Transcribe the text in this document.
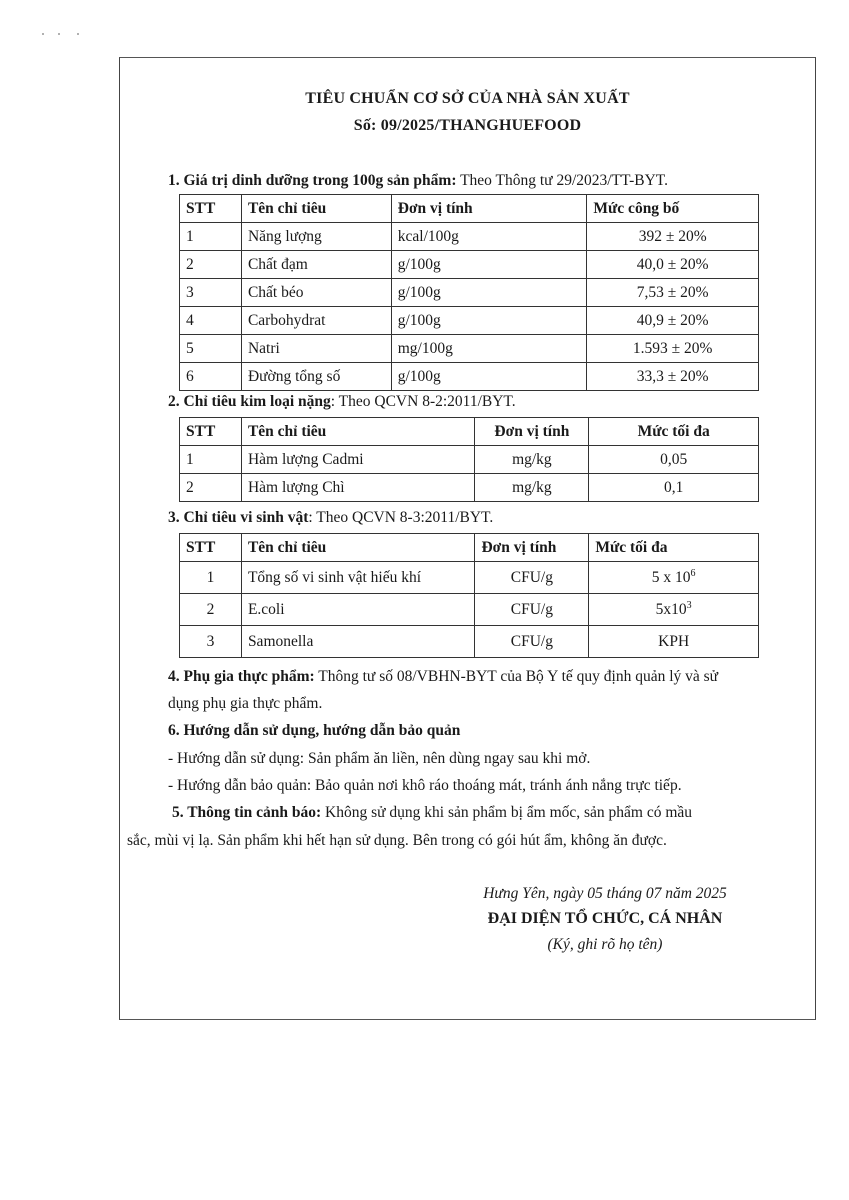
TIÊU CHUẨN CƠ SỞ CỦA NHÀ SẢN XUẤT
Số: 09/2025/THANGHUEFOOD
1. Giá trị dinh dưỡng trong 100g sản phẩm: Theo Thông tư 29/2023/TT-BYT.
STT	Tên chỉ tiêu	Đơn vị tính	Mức công bố
1	Năng lượng	kcal/100g	392 ± 20%
2	Chất đạm	g/100g	40,0 ± 20%
3	Chất béo	g/100g	7,53 ± 20%
4	Carbohydrat	g/100g	40,9 ± 20%
5	Natri	mg/100g	1.593 ± 20%
6	Đường tổng số	g/100g	33,3 ± 20%
2. Chỉ tiêu kim loại nặng: Theo QCVN 8-2:2011/BYT.
STT	Tên chỉ tiêu	Đơn vị tính	Mức tối đa
1	Hàm lượng Cadmi	mg/kg	0,05
2	Hàm lượng Chì	mg/kg	0,1
3. Chỉ tiêu vi sinh vật: Theo QCVN 8-3:2011/BYT.
STT	Tên chỉ tiêu	Đơn vị tính	Mức tối đa
1	Tổng số vi sinh vật hiếu khí	CFU/g	5 x $10^6$
2	E.coli	CFU/g	$5x10^3$
3	Samonella	CFU/g	KPH
4. Phụ gia thực phẩm: Thông tư số 08/VBHN-BYT của Bộ Y tế quy định quản lý và sử
dụng phụ gia thực phẩm.
6. Hướng dẫn sử dụng, hướng dẫn bảo quản
- Hướng dẫn sử dụng: Sản phẩm ăn liền, nên dùng ngay sau khi mở.
- Hướng dẫn bảo quản: Bảo quản nơi khô ráo thoáng mát, tránh ánh nắng trực tiếp.
5. Thông tin cảnh báo: Không sử dụng khi sản phẩm bị ẩm mốc, sản phẩm có mầu
sắc, mùi vị lạ. Sản phẩm khi hết hạn sử dụng. Bên trong có gói hút ẩm, không ăn được.
Hưng Yên, ngày 05 tháng 07 năm 2025
ĐẠI DIỆN TỔ CHỨC, CÁ NHÂN
(Ký, ghi rõ họ tên)
